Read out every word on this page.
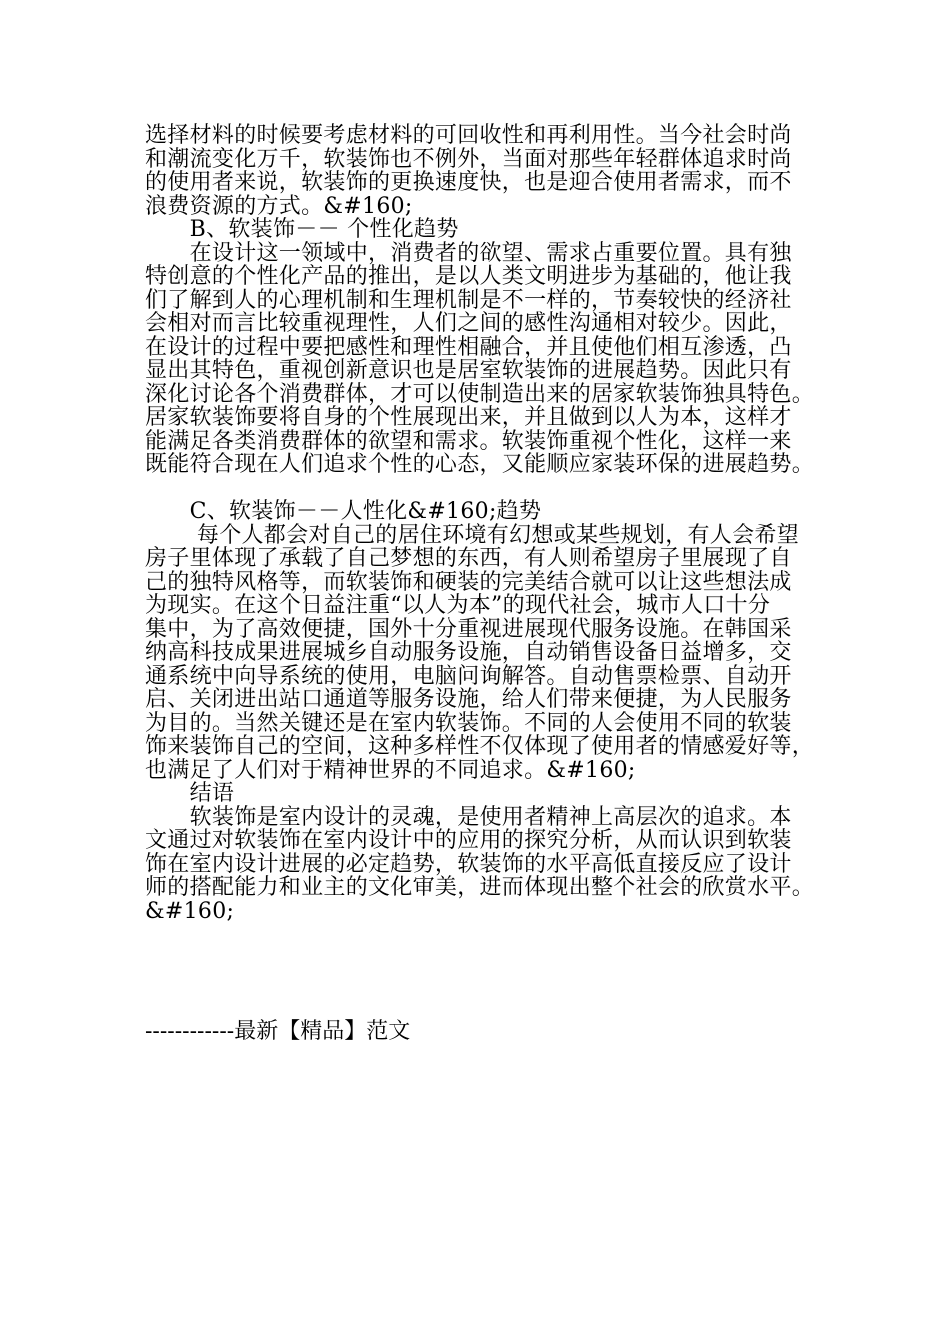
选择材料的时候要考虑材料的可回收性和再利用性。当今社会时尚
和潮流变化万千，软装饰也不例外，当面对那些年轻群体追求时尚
的使用者来说，软装饰的更换速度快，也是迎合使用者需求，而不
浪费资源的方式。&#160;
　　B、软装饰－－ 个性化趋势
　　在设计这一领域中，消费者的欲望、需求占重要位置。具有独
特创意的个性化产品的推出，是以人类文明进步为基础的，他让我
们了解到人的心理机制和生理机制是不一样的，节奏较快的经济社
会相对而言比较重视理性，人们之间的感性沟通相对较少。因此，
在设计的过程中要把感性和理性相融合，并且使他们相互渗透，凸
显出其特色，重视创新意识也是居室软装饰的进展趋势。因此只有
深化讨论各个消费群体，才可以使制造出来的居家软装饰独具特色。
居家软装饰要将自身的个性展现出来，并且做到以人为本，这样才
能满足各类消费群体的欲望和需求。软装饰重视个性化，这样一来
既能符合现在人们追求个性的心态，又能顺应家装环保的进展趋势。
　　C、软装饰－－人性化&#160;趋势
　　 每个人都会对自己的居住环境有幻想或某些规划，有人会希望
房子里体现了承载了自己梦想的东西，有人则希望房子里展现了自
己的独特风格等，而软装饰和硬装的完美结合就可以让这些想法成
为现实。在这个日益注重“以人为本”的现代社会，城市人口十分
集中，为了高效便捷，国外十分重视进展现代服务设施。在韩国采
纳高科技成果进展城乡自动服务设施，自动销售设备日益增多，交
通系统中向导系统的使用，电脑问询解答。自动售票检票、自动开
启、关闭进出站口通道等服务设施，给人们带来便捷，为人民服务
为目的。当然关键还是在室内软装饰。不同的人会使用不同的软装
饰来装饰自己的空间，这种多样性不仅体现了使用者的情感爱好等，
也满足了人们对于精神世界的不同追求。&#160;
　　结语
　　软装饰是室内设计的灵魂，是使用者精神上高层次的追求。本
文通过对软装饰在室内设计中的应用的探究分析，从而认识到软装
饰在室内设计进展的必定趋势，软装饰的水平高低直接反应了设计
师的搭配能力和业主的文化审美，进而体现出整个社会的欣赏水平。
&#160;
------------最新【精品】范文
